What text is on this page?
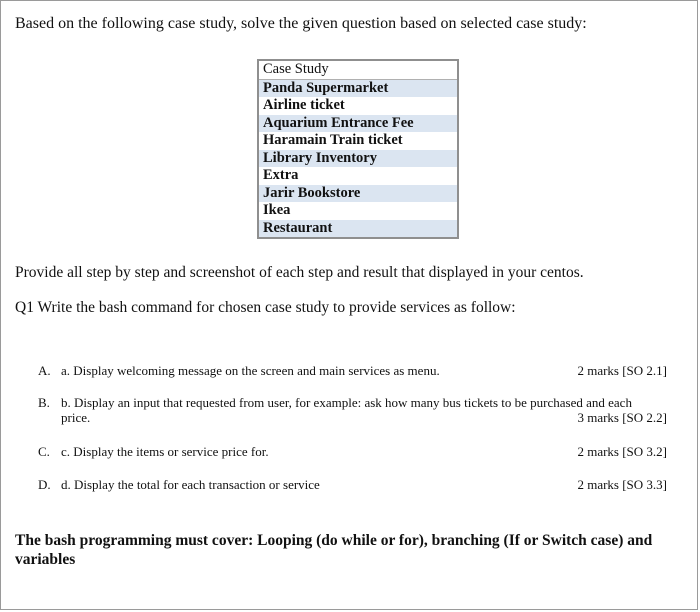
Based on the following case study, solve the given question based on selected case study:
Case Study
Panda Supermarket
Airline ticket
Aquarium Entrance Fee
Haramain Train ticket
Library Inventory
Extra
Jarir Bookstore
Ikea
Restaurant
Provide all step by step and screenshot of each step and result that displayed in your centos.
Q1 Write the bash command for chosen case study to provide services as follow:
A. a. Display welcoming message on the screen and main services as menu.	2 marks [SO 2.1]
B. b. Display an input that requested from user, for example: ask how many bus tickets to be purchased and each
price.	3 marks [SO 2.2]
C. c. Display the items or service price for.	2 marks [SO 3.2]
D. d. Display the total for each transaction or service	2 marks [SO 3.3]
The bash programming must cover: Looping (do while or for), branching (If or Switch case) and variables
